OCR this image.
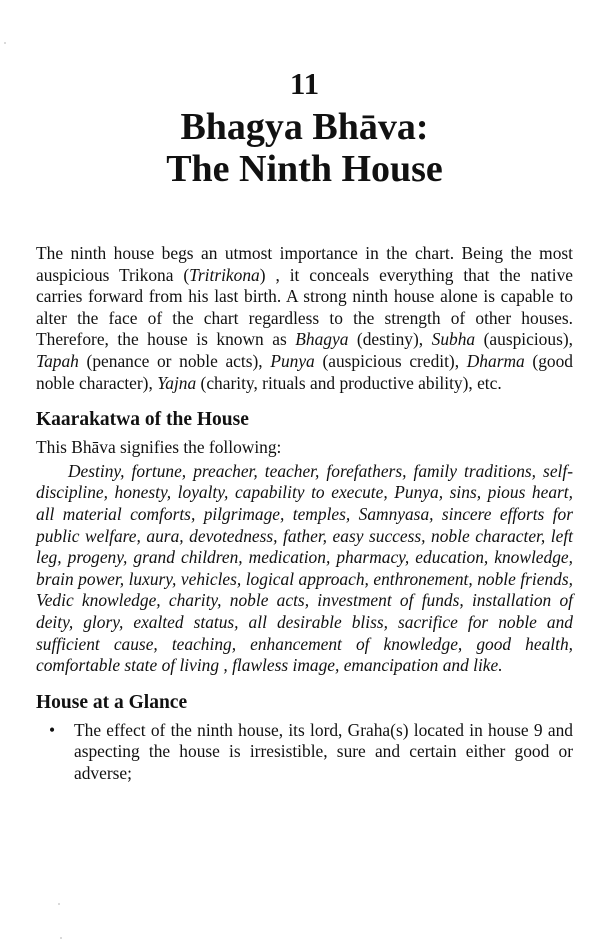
11
Bhagya Bhāva:
The Ninth House

The ninth house begs an utmost importance in the chart. Being the most auspicious Trikona (Tritrikona) , it conceals everything that the native carries forward from his last birth. A strong ninth house alone is capable to alter the face of the chart regardless to the strength of other houses. Therefore, the house is known as Bhagya (destiny), Subha (auspicious), Tapah (penance or noble acts), Punya (auspicious credit), Dharma (good noble character), Yajna (charity, rituals and productive ability), etc.

Kaarakatwa of the House

This Bhāva signifies the following:

Destiny, fortune, preacher, teacher, forefathers, family traditions, self-discipline, honesty, loyalty, capability to execute, Punya, sins, pious heart, all material comforts, pilgrimage, temples, Samnyasa, sincere efforts for public welfare, aura, devotedness, father, easy success, noble character, left leg, progeny, grand children, medication, pharmacy, education, knowledge, brain power, luxury, vehicles, logical approach, enthronement, noble friends, Vedic knowledge, charity, noble acts, investment of funds, installation of deity, glory, exalted status, all desirable bliss, sacrifice for noble and sufficient cause, teaching, enhancement of knowledge, good health, comfortable state of living , flawless image, emancipation and like.

House at a Glance
• The effect of the ninth house, its lord, Graha(s) located in house 9 and aspecting the house is irresistible, sure and certain either good or adverse;
